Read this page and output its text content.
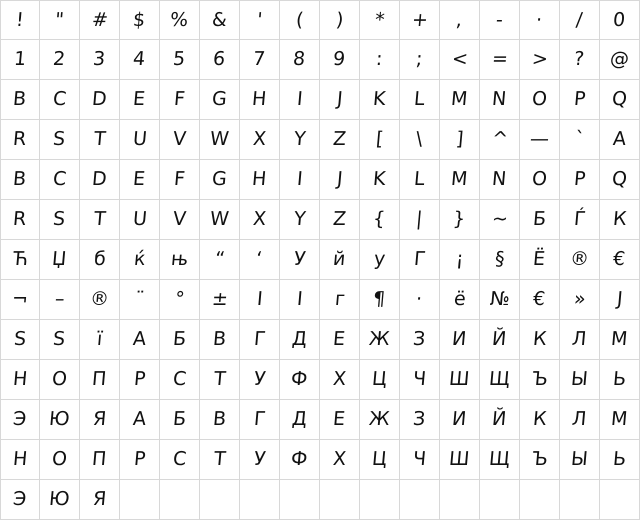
! " # $ % & ' ( ) * + , - · / 0
1 2 3 4 5 6 7 8 9 : ; < = > ? @
B C D E F G H I J K L M N O P Q
R S T U V W X Y Z [ \ ] ^ — ` A
B C D E F G H I J K L M N O P Q
R S T U V W X Y Z { | } ~ Б Ѓ К
Ћ Џ б ќ њ “ ‘ У й у Г ¡ § Ё ® €
¬ – ® ¨ ° ± I I г ¶ · ё № € » J
S S ї А Б В Г Д Е Ж З И Й К Л М
Н О П Р С Т У Ф Х Ц Ч Ш Щ Ъ Ы Ь
Э Ю Я А Б В Г Д Е Ж З И Й К Л М
Н О П Р С Т У Ф Х Ц Ч Ш Щ Ъ Ы Ь
Э Ю Я
